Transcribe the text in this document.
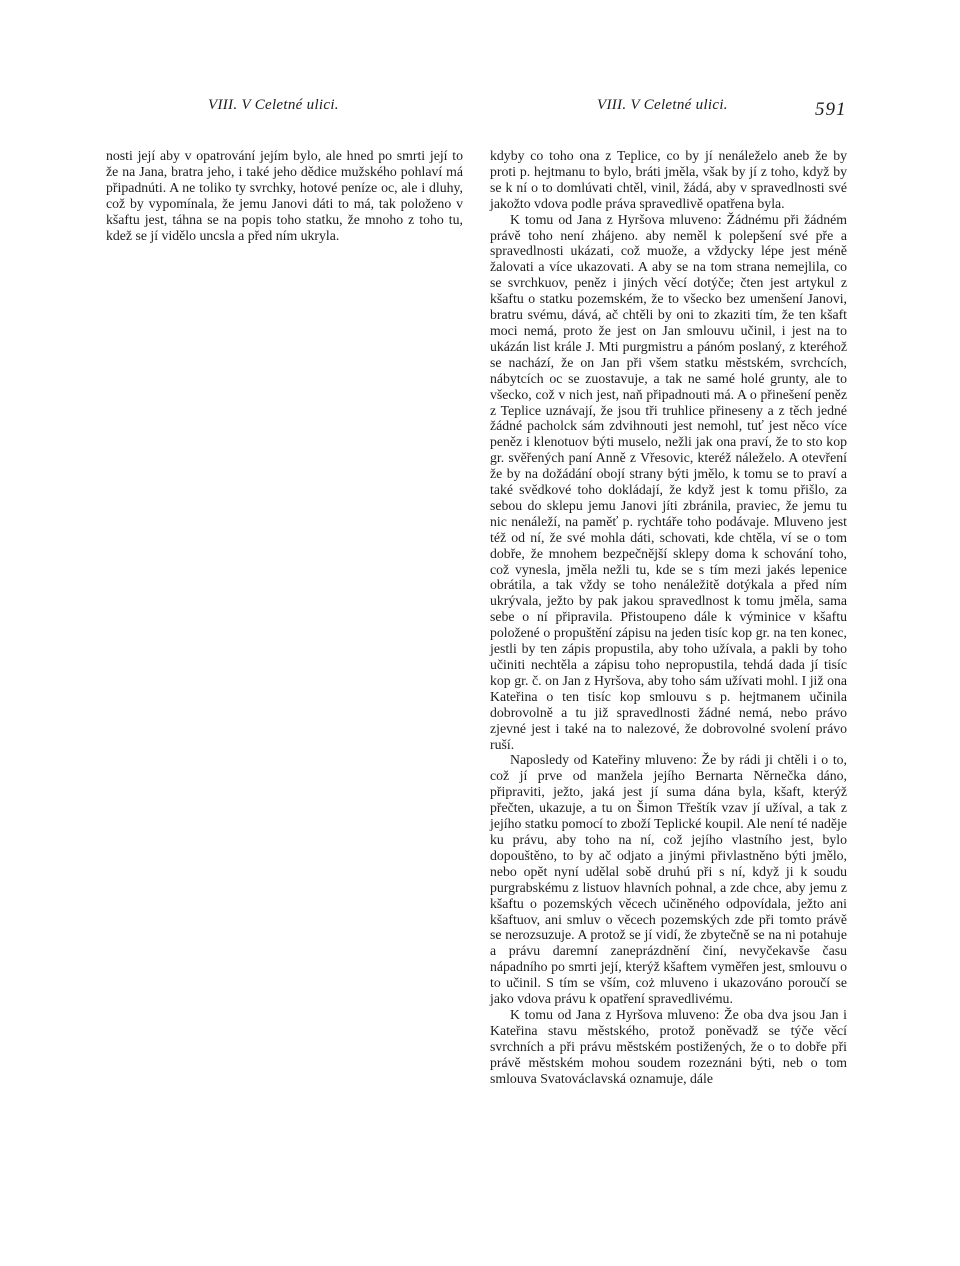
VIII. V Celetné ulici.	VIII. V Celetné ulici.	591

nosti její aby v opatrování jejím bylo, ale hned po smrti její to že na Jana, bratra jeho, i také jeho dědice mužského pohlaví má připadnúti. A ne toliko ty svrchky, hotové peníze oc, ale i dluhy, což by vypomínala, že jemu Janovi dáti to má, tak položeno v kšaftu jest, táhna se na popis toho statku, že mnoho z toho tu, kdež se jí vidělo uncsla a před ním ukryla.

kdyby co toho ona z Teplice, co by jí nenáleželo aneb že by proti p. hejtmanu to bylo, bráti jměla, však by jí z toho, když by se k ní o to domlúvati chtěl, vinil, žádá, aby v spravedlnosti své jakožto vdova podle práva spravedlivě opatřena byla.

K tomu od Jana z Hyršova mluveno: Žádnému při žádném právě toho není zhájeno. aby neměl k polepšení své pře a spravedlnosti ukázati, což muože, a vždycky lépe jest méně žalovati a více ukazovati. A aby se na tom strana nemejlila, co se svrchkuov, peněz i jiných věcí dotýče; čten jest artykul z kšaftu o statku pozemském, že to všecko bez umenšení Janovi, bratru svému, dává, ač chtěli by oni to zkaziti tím, že ten kšaft moci nemá, proto že jest on Jan smlouvu učinil, i jest na to ukázán list krále J. Mti purgmistru a pánóm poslaný, z kteréhož se nachází, že on Jan při všem statku městském, svrchcích, nábytcích oc se zuostavuje, a tak ne samé holé grunty, ale to všecko, což v nich jest, naň připadnouti má. A o přinešení peněz z Teplice uznávají, že jsou tři truhlice přineseny a z těch jedné žádné pacholck sám zdvihnouti jest nemohl, tuť jest něco více peněz i klenotuov býti muselo, nežli jak ona praví, že to sto kop gr. svěřených paní Anně z Vřesovic, kteréž náleželo. A otevření že by na dožádání obojí strany býti jmělo, k tomu se to praví a také svědkové toho dokládají, že když jest k tomu přišlo, za sebou do sklepu jemu Janovi jíti zbránila, praviec, že jemu tu nic nenáleží, na paměť p. rychtáře toho podávaje. Mluveno jest též od ní, že své mohla dáti, schovati, kde chtěla, ví se o tom dobře, že mnohem bezpečnější sklepy doma k schování toho, což vynesla, jměla nežli tu, kde se s tím mezi jakés lepenice obrátila, a tak vždy se toho nenáležitě dotýkala a před ním ukrývala, ježto by pak jakou spravedlnost k tomu jměla, sama sebe o ní připravila. Přistoupeno dále k výminice v kšaftu položené o propuštění zápisu na jeden tisíc kop gr. na ten konec, jestli by ten zápis propustila, aby toho užívala, a pakli by toho učiniti nechtěla a zápisu toho nepropustila, tehdá dada jí tisíc kop gr. č. on Jan z Hyršova, aby toho sám užívati mohl. I již ona Kateřina o ten tisíc kop smlouvu s p. hejtmanem učinila dobrovolně a tu již spravedlnosti žádné nemá, nebo právo zjevné jest i také na to nalezové, že dobrovolné svolení právo ruší.

Naposledy od Kateřiny mluveno: Že by rádi ji chtěli i o to, což jí prve od manžela jejího Bernarta Něrnečka dáno, připraviti, ježto, jaká jest jí suma dána byla, kšaft, kterýž přečten, ukazuje, a tu on Šimon Třeštík vzav jí užíval, a tak z jejího statku pomocí to zboží Teplické koupil. Ale není té naděje ku právu, aby toho na ní, což jejího vlastního jest, bylo dopouštěno, to by ač odjato a jinými přivlastněno býti jmělo, nebo opět nyní udělal sobě druhú při s ní, když ji k soudu purgrabskému z listuov hlavních pohnal, a zde chce, aby jemu z kšaftu o pozemských věcech učiněného odpovídala, ježto ani kšaftuov, ani smluv o věcech pozemských zde při tomto právě se nerozsuzuje. A protož se jí vidí, že zbytečně se na ni potahuje a právu daremní zaneprázdnění činí, nevyčekavše času nápadního po smrti její, kterýž kšaftem vyměřen jest, smlouvu o to učinil. S tím se vším, coż mluveno i ukazováno poroučí se jako vdova právu k opatření spravedlivému.

K tomu od Jana z Hyršova mluveno: Že oba dva jsou Jan i Kateřina stavu městského, protož poněvadž se týče věcí svrchních a při právu městském postižených, že o to dobře při právě městském mohou soudem rozeznáni býti, neb o tom smlouva Svatováclavská oznamuje, dále
